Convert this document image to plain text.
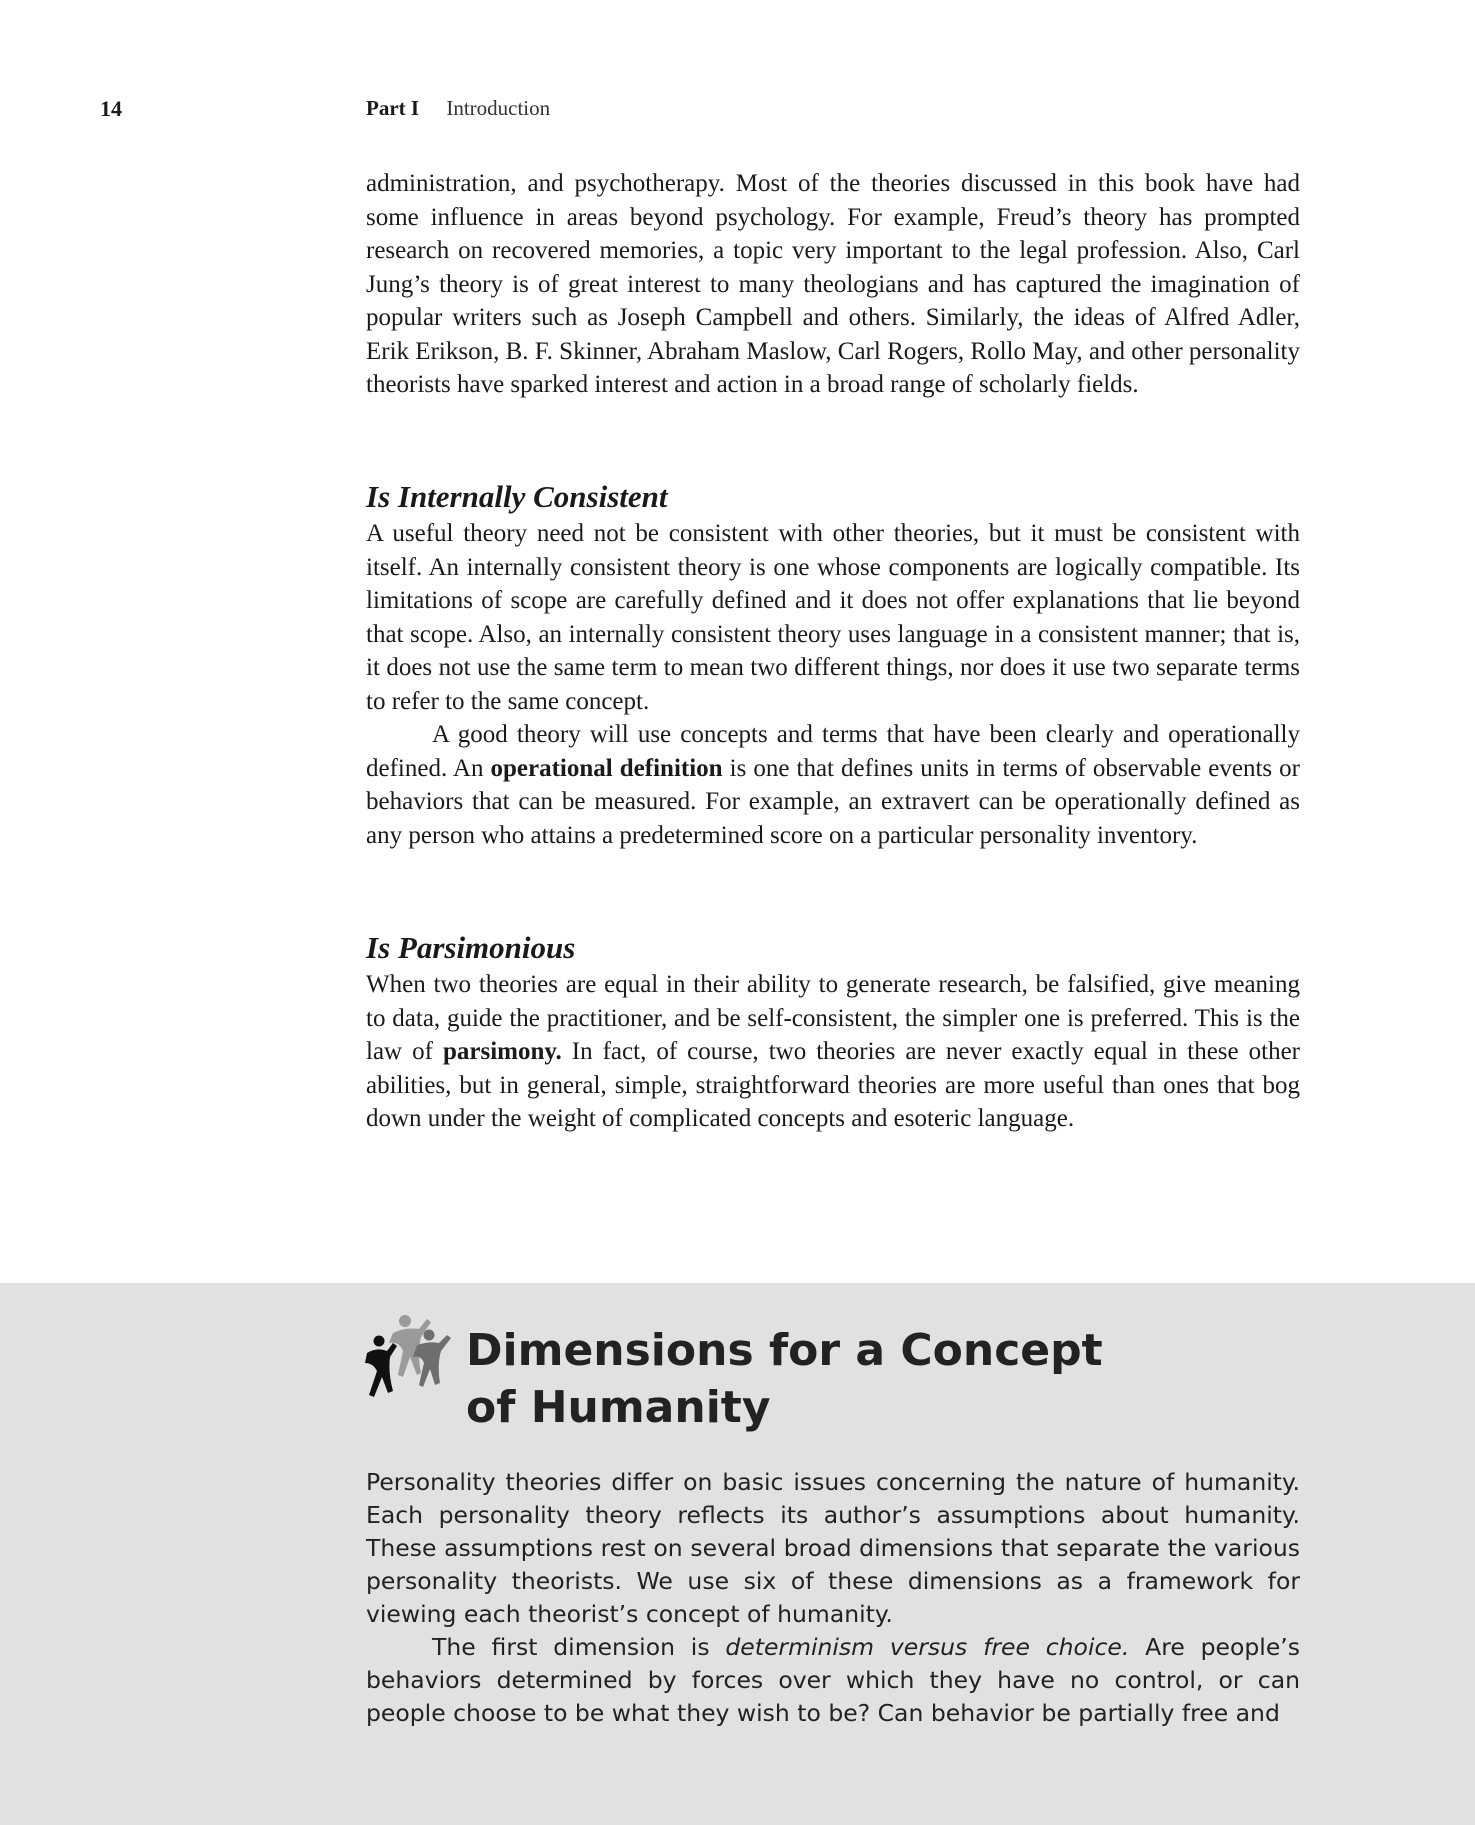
14	Part I Introduction

administration, and psychotherapy. Most of the theories discussed in this book have had some influence in areas beyond psychology. For example, Freud’s theory has prompted research on recovered memories, a topic very important to the legal profession. Also, Carl Jung’s theory is of great interest to many theologians and has captured the imagination of popular writers such as Joseph Campbell and others. Similarly, the ideas of Alfred Adler, Erik Erikson, B. F. Skinner, Abraham Maslow, Carl Rogers, Rollo May, and other personality theorists have sparked interest and action in a broad range of scholarly fields.

Is Internally Consistent

A useful theory need not be consistent with other theories, but it must be consistent with itself. An internally consistent theory is one whose components are logically compatible. Its limitations of scope are carefully defined and it does not offer explanations that lie beyond that scope. Also, an internally consistent theory uses language in a consistent manner; that is, it does not use the same term to mean two different things, nor does it use two separate terms to refer to the same concept.

A good theory will use concepts and terms that have been clearly and operationally defined. An operational definition is one that defines units in terms of observable events or behaviors that can be measured. For example, an extravert can be operationally defined as any person who attains a predetermined score on a particular personality inventory.

Is Parsimonious

When two theories are equal in their ability to generate research, be falsified, give meaning to data, guide the practitioner, and be self-consistent, the simpler one is preferred. This is the law of parsimony. In fact, of course, two theories are never exactly equal in these other abilities, but in general, simple, straightforward theories are more useful than ones that bog down under the weight of complicated concepts and esoteric language.

Dimensions for a Concept
of Humanity

Personality theories differ on basic issues concerning the nature of humanity. Each personality theory reflects its author’s assumptions about humanity. These assumptions rest on several broad dimensions that separate the various personality theorists. We use six of these dimensions as a framework for viewing each theorist’s concept of humanity.

The first dimension is determinism versus free choice. Are people’s behaviors determined by forces over which they have no control, or can people choose to be what they wish to be? Can behavior be partially free and
